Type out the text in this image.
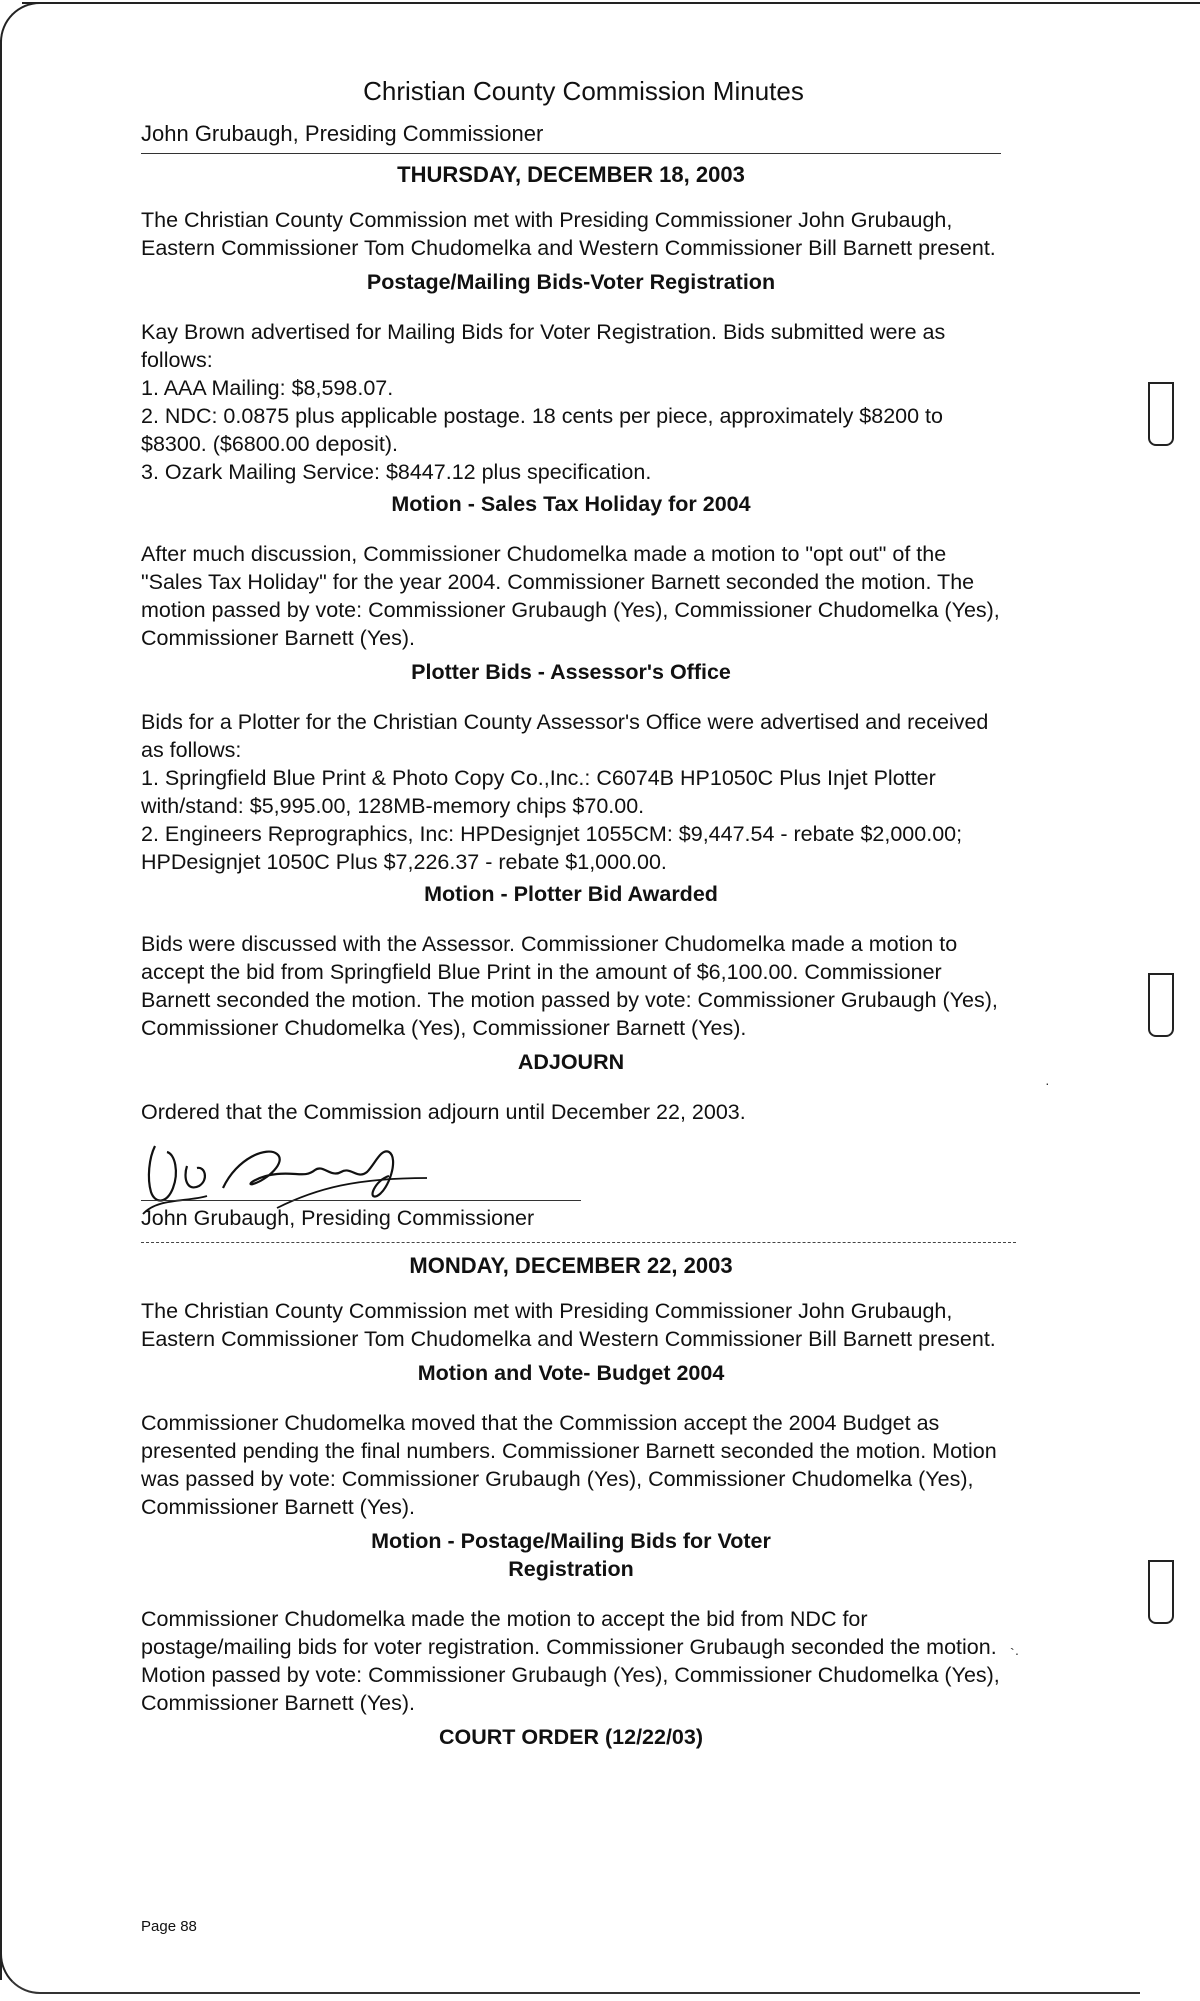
·
`·
Christian County Commission Minutes
John Grubaugh, Presiding Commissioner
THURSDAY, DECEMBER 18, 2003

The Christian County Commission met with Presiding Commissioner John Grubaugh, Eastern Commissioner Tom Chudomelka and Western Commissioner Bill Barnett present.

Postage/Mailing Bids-Voter Registration

Kay Brown advertised for Mailing Bids for Voter Registration. Bids submitted were as follows:

1. AAA Mailing: $8,598.07.
2. NDC: 0.0875 plus applicable postage. 18 cents per piece, approximately $8200 to $8300. ($6800.00 deposit).
3. Ozark Mailing Service: $8447.12 plus specification.
Motion - Sales Tax Holiday for 2004

After much discussion, Commissioner Chudomelka made a motion to "opt out" of the "Sales Tax Holiday" for the year 2004. Commissioner Barnett seconded the motion. The motion passed by vote: Commissioner Grubaugh (Yes), Commissioner Chudomelka (Yes), Commissioner Barnett (Yes).

Plotter Bids - Assessor's Office

Bids for a Plotter for the Christian County Assessor's Office were advertised and received as follows:

1. Springfield Blue Print & Photo Copy Co.,Inc.: C6074B HP1050C Plus Injet Plotter with/stand: $5,995.00, 128MB-memory chips $70.00.
2. Engineers Reprographics, Inc: HPDesignjet 1055CM: $9,447.54 - rebate $2,000.00; HPDesignjet 1050C Plus $7,226.37 - rebate $1,000.00.
Motion - Plotter Bid Awarded

Bids were discussed with the Assessor. Commissioner Chudomelka made a motion to accept the bid from Springfield Blue Print in the amount of $6,100.00. Commissioner Barnett seconded the motion. The motion passed by vote: Commissioner Grubaugh (Yes), Commissioner Chudomelka (Yes), Commissioner Barnett (Yes).

ADJOURN

Ordered that the Commission adjourn until December 22, 2003.

John Grubaugh, Presiding Commissioner
MONDAY, DECEMBER 22, 2003

The Christian County Commission met with Presiding Commissioner John Grubaugh, Eastern Commissioner Tom Chudomelka and Western Commissioner Bill Barnett present.

Motion and Vote- Budget 2004

Commissioner Chudomelka moved that the Commission accept the 2004 Budget as presented pending the final numbers. Commissioner Barnett seconded the motion. Motion was passed by vote: Commissioner Grubaugh (Yes), Commissioner Chudomelka (Yes), Commissioner Barnett (Yes).

Motion - Postage/Mailing Bids for Voter Registration

Commissioner Chudomelka made the motion to accept the bid from NDC for postage/mailing bids for voter registration. Commissioner Grubaugh seconded the motion. Motion passed by vote: Commissioner Grubaugh (Yes), Commissioner Chudomelka (Yes), Commissioner Barnett (Yes).

COURT ORDER (12/22/03)
Page 88
